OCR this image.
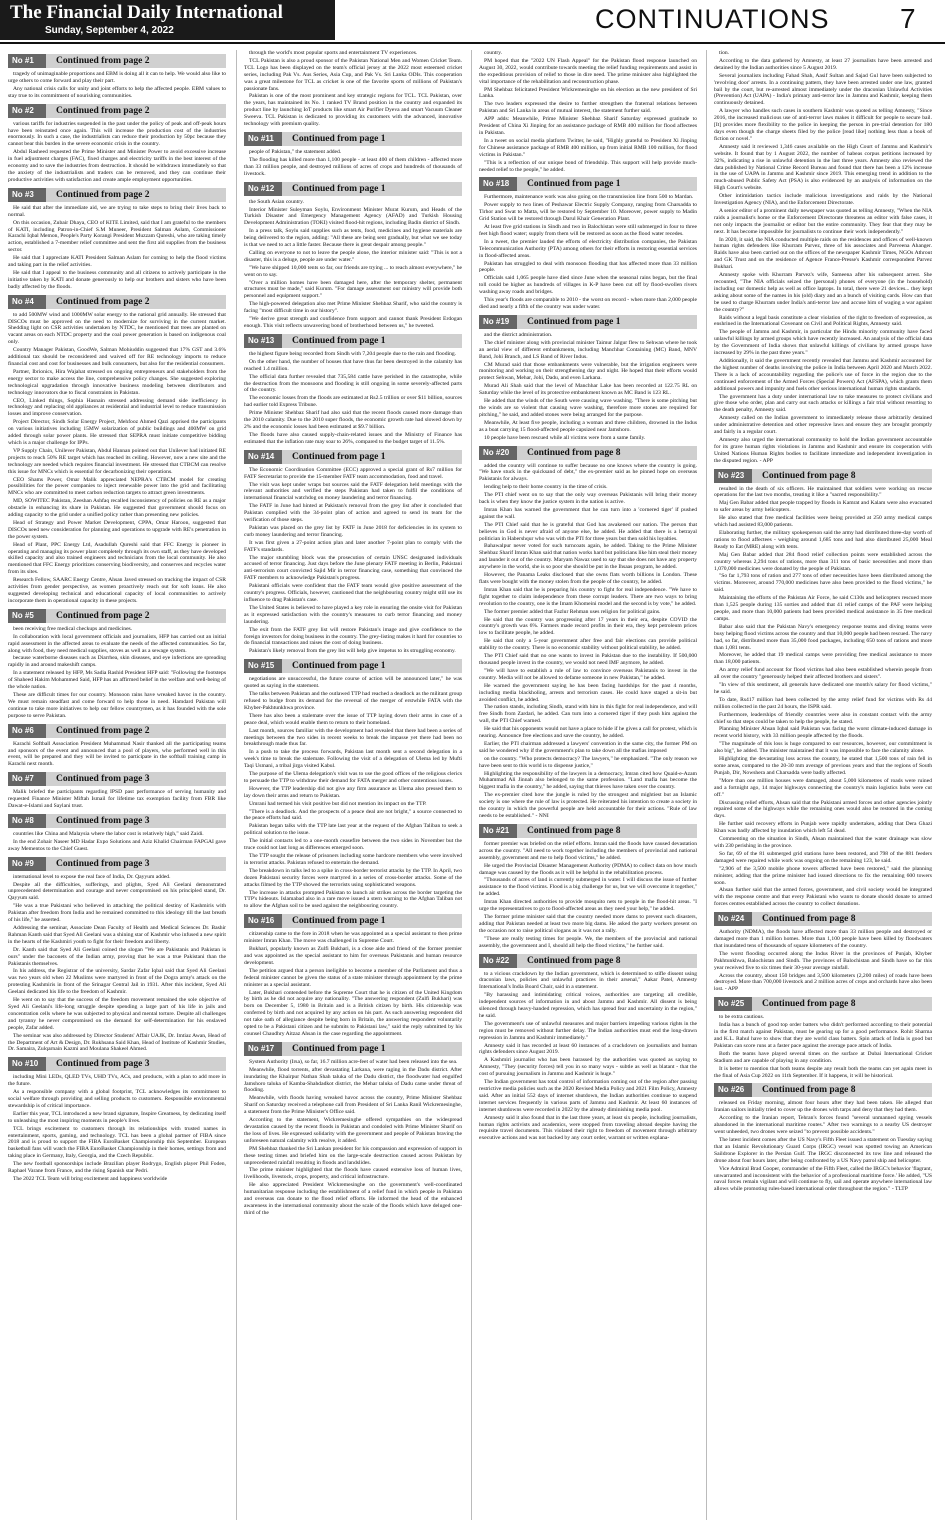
The Financial Daily International
Sunday, September 4, 2022	CONTINUATIONS	7
No #1	Continued from page 2

tragedy of unimaginable proportions and EBM is doing all it can to help. We would also like to urge others to come forward and play their part.

Any national crisis calls for unity and joint efforts to help the affected people. EBM values to stay true to its commitment of nourishing communities.

No #2	Continued from page 2

various tariffs for industries suspended in the past under the policy of peak and off-peak hours have been reinstated once again. This will increase the production cost of the industries enormously. In such a case, the industrialists can reduce their production by 50pc because they cannot bear this burden in the severe economic crisis in the country.

Abdul Rasheed requested the Prime Minister and Minister Power to avoid excessive increase in fuel adjustment charges (FAC), fixed charges and electricity tariffs in the best interest of the economy and to save the industries from destruction. It should be withdrawn immediately so that the anxiety of the industrialists and traders can be removed, and they can continue their productive activities with satisfaction and create ample employment opportunities.

No #3	Continued from page 2

He said that after the immediate aid, we are trying to take steps to bring their lives back to normal.

On this occasion, Zubair Dhaya, CEO of KITE Limited, said that I am grateful to the members of KATI, including Patron-in-Chief S.M Muneer, President Salman Aslam, Commissioner Karachi Iqbal Memon, People's Party Korangi President Muzzam Qureshi, who are taking timely action, established a 7-member relief committee and sent the first aid supplies from the business sector.

He said that I appreciate KATI President Salman Aslam for coming to help the flood victims and taking part in the relief activities.

He said that I appeal to the business community and all citizens to actively participate in the initiative taken by KATI and donate generously to help our brothers and sisters who have been badly affected by the floods.

No #4	Continued from page 2

to add 500MW wind and 1000MW solar energy to the national grid annually. He stressed that DISCOs must be approved on the need to modernize for surviving in the current market. Shedding light on CSR activities undertaken by NTDC, he mentioned that trees are planted on vacant areas on each NTDC property and the coal power generation is based on indigenous coal only.

Country Manager Pakistan, GoodWe, Salman Mohiuddin suggested that 17% GST and 3.6% additional tax should be reconsidered and waived off for RE technology imports to reduce financial cost and cost for businesses and bulk consumers, but also for the residential consumers.

Partner, Ibrionics, Hira Wajahat stressed on ongoing entrepreneurs and stakeholders from the energy sector to make access the line, comprehensive policy changes. She suggested exploring technological upgradation through innovative business modeling between distributors and technology innovators due to fiscal constraints in Pakistan.

CEO, Linked things, Sophia Hasnain stressed addressing demand side inefficiency in technology and replacing old appliances at residential and industrial level to reduce transmission losses and improve conservation.

Project Director, Sindh Solar Energy Project, Mehfooz Ahmed Qazi apprised the participants on various initiatives including 15MW solarization of public buildings and 400MW on grid added through solar power plants. He stressed that SEPRA must initiate competitive bidding which is a major challenge for IPPs.

VP Supply Chain, Unilever Pakistan, Abdul Hannan pointed out that Unilever had initiated RE projects to reach 50% RE target which has reached its ceiling. However, now a new site and the technology are needed which requires financial investment. He stressed that CTBCM can resolve this issue for MNCs which is essential for decarbonizing their operations.

CEO Shams Power, Omar Malik appreciated NEPRA's CTBCM model for creating possibilities for the power companies to inject renewable power into the grid and facilitating MNCs who are committed to meet carbon reduction targets to attract green investments.

MD, SOWITEC Pakistan, Zeeshan Ashfaq recalled inconsistency of policies on RE as a major obstacle in enhancing its share in Pakistan. He suggested that government should focus on adding capacity to the grid under a unified policy rather than presenting new policies.

Head of Strategy and Power Market Development, CPPA, Omar Haroon, suggested that DISCOs need new consideration for planning and operations to upgrade with RE's penetration in the power system.

Head of Plant, PPC Energy Ltd, Asadullah Qureshi said that FFC Energy is pioneer in operating and managing its power plant completely through its own staff, as they have developed skilled capacity and also trained engineers and technicians from the local community. He also mentioned that FFC Energy prioritizes conserving biodiversity, and conserves and recycles water from its sites.

Research Fellow, SAARC Energy Centre, Ahsan Javed stressed on tracking the impact of CSR activities from gender perspective, as women proactively reach out for soft loans. He also suggested developing technical and educational capacity of local communities to actively incorporate them in operational capacity in these projects.

No #5	Continued from page 2

been receiving free medical checkups and medicines.

In collaboration with local government officials and journalists, HFP has carried out an initial rapid assessment in the affected areas to evaluate the needs of the affected communities. So far, along with food, they need medical supplies, stoves as well as a sewage system.

because waterborne diseases such as Diarrhea, skin diseases, and eye infections are spreading rapidly in and around makeshift camps.

In a statement released by HFP, Ms Sadia Rashid President HFP said: "Following the footsteps of Shaheed Hakim Mohammed Said, HFP has an affirmed belief in the welfare and well-being of the whole nation.

These are difficult times for our country. Monsoon rains have wreaked havoc in the country. We must remain steadfast and come forward to help those in need. Hamdard Pakistan will continue to take more initiatives to help our fellow countrymen, as it has founded with the sole purpose to serve Pakistan.

No #6	Continued from page 2

Karachi Softball Association President Muhammad Nasir thanked all the participating teams and sponsors of the event and announced that a pool of players, who performed well in this event, will be prepared and they will be invited to participate in the softball training camp in Karachi next month.

No #7	Continued from page 3

Malik briefed the participants regarding IPSD past performance of serving humanity and requested Finance Minister Miftah Ismail for lifetime tax exemption facility from FBR like Dawat-e-Islami and Saylani trust.

No #8	Continued from page 3

countries like China and Malaysia where the labor cost is relatively high," said Zaidi.

In the end Zohair Naseer MD Hadar Expo Solutions and Aziz Khalid Chairman FAPGAI gave away Mementos to the Chief Guest.

No #9	Continued from page 3

international level to expose the real face of India, Dr. Qayyum added.

Despite all the difficulties, sufferings, and plights, Syed Ali Geelani demonstrated unprecedented determination and courage and never compromised on his principled stand, Dr. Qayyum said.

"He was a true Pakistani who believed in attaching the political destiny of Kashmiris with Pakistan after freedom from India and he remained committed to this ideology till the last breath of his life," he asserted.

Addressing the seminar, Associate Dean Faculty of Health and Medical Sciences Dr. Bashir Rahman Kanth said that Syed Ali Geelani was a shining star of Kashmir who infused a new spirit in the hearts of the Kashmiri youth to fight for their freedom and liberty.

Dr. Kanth said that Syed Ali Geelani coined the slogan "We are Pakistanis and Pakistan is ours" under the baconets of the Indian army, proving that he was a true Pakistani than the Pakistanis themselves.

In his address, the Registrar of the university, Sardar Zafar Iqbal said that Syed Ali Geelani was two years old when 22 Muslims were martyred in front of the Dogra army's attack on the protesting Kashmiris in front of the Srinagar Central Jail in 1931. After this incident, Syed Ali Geelani dedicated his life to the freedom of Kashmir.

He went on to say that the success of the freedom movement remained the sole objective of Syed Ali Geelani's life-long struggle despite spending a large part of his life in jails and concentration cells where he was subjected to physical and mental torture. Despite all challenges and tyranny he never compromised on the demand for self-determination for his enslaved people, Zafar added.

The seminar was also addressed by Director Students' Affair UAJK, Dr. Imtiaz Awan, Head of the Department of Art & Design, Dr. Rukhsana Said Khan, Head of Institute of Kashmir Studies, Dr. Samaira, Zulqarnain Kazmi and Moulana Shakeel Ahmed.

No #10	Continued from page 3

including Mini LEDs, QLED TVs, UHD TVs, ACs, and products, with a plan to add more in the future.

As a responsible company with a global footprint, TCL acknowledges its commitment to social welfare through providing and selling products to customers. Responsible environmental stewardship is of critical importance.

Earlier this year, TCL introduced a new brand signature, Inspire Greatness, by dedicating itself to unleashing the most inspiring moments in people's lives.

TCL brings excitement to customers through its relationships with trusted names in entertainment, sports, gaming, and technology. TCL has been a global partner of FIBA since 2018 and is proud to support the FIBA EuroBasket Championship this September. European basketball fans will watch the FIBA EuroBasket Championship in their homes, settings from and taking place in Germany, Italy, Georgia, and the Czech Republic.

The new football sponsorships include Brazilian player Rodrygo, English player Phil Foden, Raphael Varane from France, and the rising Spanish star Pedri.

The 2022 TCL Team will bring excitement and happiness worldwide

through the world's most popular sports and entertainment TV experiences.

TCL Pakistan is also a proud sponsor of the Pakistan National Men and Women Cricket Team. TCL Logo has been displayed on the team's official jersey at the 2022 most esteemed cricket series, including Pak Vs. Aus Series, Asia Cup, and Pak Vs. Sri Lanka ODIs. This cooperation was a great milestone for TCL as cricket is one of the favorite sports of millions of Pakistan's passionate fans.

Pakistan is one of the most prominent and key strategic regions for TCL. TCL Pakistan, over the years, has maintained its No. 1 ranked TV Brand position in the country and expanded its product line by launching IoT products like smart Air Purifier Dyeva and smart Vacuum Cleaner Sweeva. TCL Pakistan is dedicated to providing its customers with the advanced, innovative technology with premium quality.

No #11	Continued from page 1

people of Pakistan," the statement added.

The flooding has killed more than 1,100 people - at least 400 of them children - affected more than 33 million people, and destroyed millions of acres of crops and hundreds of thousands of livestock.

No #12	Continued from page 1

the South Asian country.

Interior Minister Suleyman Soylu, Environment Minister Murat Kurum, and Heads of the Turkish Disaster and Emergency Management Agency (AFAD) and Turkish Housing Development Administration (TOKI) visited flood-hit regions, including Badin district of Sindh.

In a press talk, Soylu said supplies such as tents, food, medicines and hygiene materials are being delivered to the region, adding: "All these are being sent gradually, but what we see today is that we need to act a little faster. Because there is great despair among people."

Calling on everyone to not to leave the people alone, the interior minister said: "This is not a disaster, this is a deluge, people are under water."

"We have shipped 10,000 tents so far, our friends are trying ... to reach almost everywhere," he went on to say.

"Over a million homes have been damaged here, after the temporary shelter, permanent structures must be made," said Kurum. "For damage assessment our ministry will provide both personnel and equipment support."

The high-powered delegation also met Prime Minister Shehbaz Sharif, who said the country is facing "most difficult time in our history".

"We derive great strength and confidence from support and cannot thank President Erdogan enough. This visit reflects unwavering bond of brotherhood between us," he tweeted.

No #13	Continued from page 1

the highest figure being recorded from Sindh with 7,204 people due to the rain and flooding.

On the other hand, the number of houses that have thus far been destroyed in the calamity has reached 1.4 million.

The official data further revealed that 735,584 cattle have perished in the catastrophe, while the destruction from the monsoons and flooding is still ongoing in some severely-affected parts of the country.

The economic losses from the floods are estimated at Rs2.5 trillion or over $11 billion, sources had earlier told Express Tribune.

Prime Minister Shehbaz Sharif had also said that the recent floods caused more damage than the 2010 calamity. Due to the 2010 super floods, the economic growth rate had slowed down by 2% and the economic losses had been estimated at $9.7 billion.

The floods have also caused supply-chain-related issues and the Ministry of Finance has estimated that the inflation rate may soar to 26%, compared to the budget target of 11.5%.

No #14	Continued from page 1

The Economic Coordination Committee (ECC) approved a special grant of Rs7 million for FATF Secretariat to provide the 15-member FATF team accommodation, food and travel.

The visit was kept under wraps but sources said the FATF delegation held meetings with the relevant authorities and verified the steps Pakistan had taken to fulfil the conditions of international financial watchdog on money laundering and terror financing.

The FATF in June had hinted at Pakistan's removal from the grey list after it concluded that Pakistan complied with the 34-point plan of action and agreed to send its team for the verification of those steps.

Pakistan was placed on the grey list by FATF in June 2018 for deficiencies in its system to curb money laundering and terror financing.

It was first given a 27-point action plan and later another 7-point plan to comply with the FATF's standards.

The major stumbling block was the prosecution of certain UNSC designated individuals accused of terror financing. Just days before the June plenary FATF meeting in Berlin, Pakistani anti-terrorism court convicted Sajid Mir in terror financing case, something that convinced the FATF members to acknowledge Pakistan's progress.

Pakistani officials were confident that the FATF team would give positive assessment of the country's progress. Officials, however, cautioned that the neighbouring country might still use its influence to drag Pakistan's case.

The United States is believed to have played a key role in ensuring the onsite visit for Pakistan as it expressed satisfaction with the country's measures to curb terror financing and money laundering.

The exit from the FATF grey list will restore Pakistan's image and give confidence to the foreign investors for doing business in the country. The grey-listing makes it hard for countries to do financial transactions and raises the cost of doing business.

Pakistan's likely removal from the grey list will help give impetus to its struggling economy.

No #15	Continued from page 1

negotiations are unsuccessful, the future course of action will be announced later," he was quoted as saying in the statement.

The talks between Pakistan and the outlawed TTP had reached a deadlock as the militant group refused to budge from its demand for the reversal of the merger of erstwhile FATA with the Khyber-Pakhtunkhwa province.

There has also been a stalemate over the issue of TTP laying down their arms in case of a peace deal, which would enable them to return to their homeland.

Last month, sources familiar with the development had revealed that there had been a series of meetings between the two sides in recent weeks to break the impasse yet there had been no breakthrough made thus far.

In a push to take the process forwards, Pakistan last month sent a second delegation in a week's time to break the stalemate. Following the visit of a delegation of Ulema led by Mufti Taqi Usmani, a tribal jirga visited Kabul.

The purpose of the Ulema delegation's visit was to use the good offices of the religious clerics to persuade the TTP to withdraw their demand for FATA merger and other contentious issues.

However, the TTP leadership did not give any firm assurance as Ulema also pressed them to lay down their arms and return to Pakistan.

Umrani had termed his visit positive but did not mention its impact on the TTP.

"There is a deadlock. And the prospects of a peace deal are not bright," a source connected to the peace efforts had said.

Pakistan began talks with the TTP late last year at the request of the Afghan Taliban to seek a political solution to the issue.

The initial contacts led to a one-month ceasefire between the two sides in November but the truce could not last long as differences emerged soon.

The TTP sought the release of prisoners including some hardcore members who were involved in terrorist attacks. Pakistan refused to entertain the demand.

The breakdown in talks led to a spike in cross-border terrorist attacks by the TTP. In April, two dozen Pakistani security forces were martyred in a series of cross-border attacks. Some of the attacks filmed by the TTP showed the terrorists using sophisticated weapons.

The increase in attacks prompted Pakistan to launch air strikes across the border targeting the TTP's hideouts. Islamabad also in a rare move issued a stern warning to the Afghan Taliban not to allow the Afghan soil to be used against the neighbouring country.

No #16	Continued from page 1

citizenship came to the fore in 2018 when he was appointed as a special assistant to then prime minister Imran Khan. The move was challenged in Supreme Court.

Bukhari, popularly known as Zulfi Bukhari, is a close aide and friend of the former premier and was appointed as the special assistant to him for overseas Pakistanis and human resource development.

The petition argued that a person ineligible to become a member of the Parliament and thus a federal minister cannot be given the status of a state minister through appointment by the prime minister as a special assistant.

Later, Bukhari contended before the Supreme Court that he is citizen of the United Kingdom by birth as he did not acquire any nationality. "The answering respondent (Zulfi Bukhari) was born on December 5, 1980 in Britain and is a British citizen by birth. His citizenship was conferred by birth and not acquired by any action on his part. As such answering respondent did not take oath of allegiance despite being born in Britain, the answering respondent voluntarily opted to be a Pakistani citizen and he submits to Pakistani law," said the reply submitted by his counsel Chaudhry Aitzaz Ahsan in the case regarding the appointment.

No #17	Continued from page 1

System Authority (Irsa), so far, 16.7 million acre-feet of water had been released into the sea.

Meanwhile, flood torrents, after devastating Larkana, were raging in the Dadu district. After inundating the Khairpur Nathan Shah taluka of the Dadu district, the floodwater had engulfed Jamshoro taluka of Kamba-Shahdadkot district, the Mehar taluka of Dadu came under threat of flooding.

Meanwhile, with floods having wreaked havoc across the country, Prime Minister Shehbaz Sharif on Saturday received a telephone call from President of Sri Lanka Ranil Wickremesinghe, a statement from the Prime Minister's Office said.

According to the statement, Wickremesinghe offered sympathies on the widespread devastation caused by the recent floods in Pakistan and condoled with Prime Minister Sharif on the loss of lives. He expressed solidarity with the government and people of Pakistan braving the unforeseen natural calamity with resolve, it added.

PM Shehbaz thanked the Sri Lankan president for his compassion and expression of support in these testing times and briefed him on the large-scale destruction caused across Pakistan by unprecedented rainfall resulting in floods and landslides.

The prime minister highlighted that the floods have caused extensive loss of human lives, livelihoods, livestock, crops, property, and critical infrastructure.

He also appreciated President Wickremesinghe on the government's well-coordinated humanitarian response including the establishment of a relief fund in which people in Pakistan and overseas can donate to the flood relief efforts. He informed the head of the enhanced awareness in the international community about the scale of the floods which have deluged one-third of the

country.

PM hoped that the "2022 UN Flash Appeal" for the Pakistan flood response launched on August 30, 2022, would contribute towards meeting the relief funding requirements and assist in the expeditious provision of relief to those in dire need. The prime minister also highlighted the vital importance of the rehabilitation and reconstruction phase.

PM Shehbaz felicitated President Wickremesinghe on his election as the new president of Sri Lanka.

The two leaders expressed the desire to further strengthen the fraternal relations between Pakistan and Sri Lanka in areas of mutual interest, the statement further said.

APP adds: Meanwhile, Prime Minister Shehbaz Sharif Saturday expressed gratitude to President of China Xi Jinping for an assistance package of RMB 400 million for flood affectees in Pakistan.

In a tweet on social media platform Twitter, he said, "Highly grateful to President Xi Jinping for Chinese assistance package of RMB 400 million, up from initial RMB 100 million, for flood victims in Pakistan."

"This is a reflection of our unique bond of friendship. This support will help provide much-needed relief to the people," he added.

No #18	Continued from page 1

Furthermore, maintenance work was also going on the transmission line from 500 to Mardan.

Power supply to two lines of Peshawar Electric Supply Company, ranging from Charsadda to Tirhor and Swat to Matta, will be restored by September 10. Moreover, power supply to Madin Grid Station will be restored through Darul Khair Generation Plant.

At least five grid stations in Sindh and two in Balochistan were still submerged in four to three feet high flood water; supply from them will be restored as soon as the flood water recedes.

In a tweet, the premier lauded the efforts of electricity distribution companies, the Pakistan Telecommunication Authority (PTA) among others for their efforts in restoring essential services in flood-affected areas.

Pakistan has struggled to deal with monsoon flooding that has affected more than 33 million people.

Officials said 1,065 people have died since June when the seasonal rains began, but the final toll could be higher as hundreds of villages in K-P have been cut off by flood-swollen rivers washing away roads and bridges.

This year's floods are comparable to 2010 - the worst on record - when more than 2,000 people died and nearly a fifth of the country was under water.

No #19	Continued from page 1

and the district administration.

The chief minister along with provincial minister Taimur Jalgur flew to Sehwan where he took an aerial view of different embankments, including Manchhar Containing (MC) Band, MNV Band, Johi Branch, and LS Band of River Indus.

CM Murad said that those embankments were vulnerable, but the irrigation engineers were monitoring and working on their strengthening day and night. He hoped that their efforts would protect Sehwan, Mehar, Johi, Dadu, and even Larkana.

Murad Ali Shah said that the level of Manchhar Lake has been recorded at 122.75 RL on Saturday while the level of its protective embankment known as MC Band is 123 RL.

He added that the winds of the South were causing wave washing. "There is some pitching but the winds are so violent that causing wave washing, therefore more stones are required for pitching," he said, and added stones were being arranged for the purpose.

Meanwhile, At least five people, including a woman and three children, drowned in the Indus as a boat carrying 15 flood-affected people capsized near Jamshoro.

10 people have been rescued while all victims were from a same family.

No #20	Continued from page 8

added the country will continue to suffer because no one knows where the country is going. "We have stuck in the quicksand of debt," the ex-premier said as he pinned hope on overseas Pakistanis for always.

lending help to their home country in the time of crisis.

The PTI chief went on to say that the only way overseas Pakistanis will bring their money back is when they know the justice system in the nation is active.

Imran Khan has warned the government that he can turn into a 'cornered tiger' if pushed against the wall.

The PTI Chief said that he is grateful that God has awakened our nation. The person that believes in God is never afraid of anyone else, he added. He added that there is a betrayal politician in Habershqur who was with the PTI for three years but then sold his loyalties.

Bahawalpur never voted for such turncoats again, he added. Taking to the Prime Minister Shehbaz Sharif Imran Khan said that nation works hard but politicians like him steal their money and launder it out of the country. Maryam Nawaz used to say that she does not have any property anywhere in the world, she is so poor she should be put in the Ihsaas program, he added.

However, the Panama Leaks disclosed that she owns flats worth billions in London. These flats were bought with the money stolen from the people of the country, he added.

Imran Khan said that he is preparing his country to fight for real independence. "We have to fight together to claim independence from these corrupt leaders. There are two ways to bring revolution to the country, one is the Imam Khomeini model and the second is by vote," he added.

The former premier added that Fazlur Rehman uses religion for political gains.

He said that the country was progressing after 17 years in their era, despite COVID the country's growth was 6%. Farmers made record profits in their era, they kept petroleum prices low to facilitate people, he added.

He said that only a 5-year government after free and fair elections can provide political stability to the country. There is no economic stability without political stability, he added.

The PTI Chief said that no one wants to invest in Pakistan due to the instability. If 500,000 thousand people invest in the country, we would not need IMF anymore, he added.

"We will have to establish a rule of law to convince overseas Pakistanis to invest in the country. Media will not be allowed to defame someone in new Pakistan," he added.

He warned the government saying he has been facing hardships for the past 4 months, including media blackholing, arrests and terrorism cases. He could have staged a sit-in but avoided conflict, he added.

The nation stands, including Sindh, stand with him in this fight for real independence, and will free Sindh from Zardari, he added. Can turn into a cornered tiger if they push him against the wall, the PTI Chief warned.

He said that his opponents would not have a place to hide if he gives a call for protest, which is nearing. Announce free elections and save the country, he added.

Earlier, the PTI chairman addressed a lawyers' convention in the same city, the former PM on said he wondered why if the government's plan to take down all the mafias imposed

on the country. "Who protects democracy? The lawyers," he emphasized. "The only reason we have been sent to this world is to dispense justice,"

Highlighting the responsibility of the lawyers in a democracy, Imran cited how Quaid-e-Azam Muhammad Ali Jinnah also belonged to the same profession. "Land mafia has become the biggest mafia in the country," he added, saying that thieves have taken over the country.

The ex-premier cited how the jungle is ruled by the strongest and mightiest but an Islamic society is one where the rule of law is protected. He reiterated his intention to create a society in the country in which the powerful people are held accountable for their actions. "Rule of law needs to be established." - NNI

No #21	Continued from page 8

former premier was briefed on the relief efforts. Imran said the floods have caused devastation across the country. "All need to work together including the members of provincial and national assembly, government and me to help flood victims," he added.

He urged the Provincial Disaster Management Authority (PDMA) to collect data on how much damage was caused by the floods as it will be helpful in the rehabilitation process.

"Thousands of acres of land is currently submerged in water. I will discuss the issue of further assistance to the flood victims. Flood is a big challenge for us, but we will overcome it together," he added.

Imran Khan directed authorities to provide mosquito nets to people in the flood-hit areas. "I urge the representatives to go to flood-affected areas as they need your help," he added.

The former prime minister said that the country needed more dams to prevent such disasters, adding that Pakistan needed at least two more big dams. He asked the party workers present on the occasion not to raise political slogans as it was not a rally.

"These are really testing times for people. We, the members of the provincial and national assembly, the government and I, should all help the flood victims," he further said.

No #22	Continued from page 8

to a vicious crackdown by the Indian government, which is determined to stifle dissent using draconian laws, policies and unlawful practices in their arsenal," Aakar Patel, Amnesty International's India Board Chair, said in a statement.

"By harassing and intimidating critical voices, authorities are targeting all credible, independent sources of information in and about Jammu and Kashmir. All dissent is being silenced through heavy-handed repression, which has spread fear and uncertainty in the region," he said.

The government's use of unlawful measures and major barriers impeding various rights in the region must be removed without further delay. The Indian authorities must end the long-drawn repression in Jammu and Kashmir immediately."

Amnesty said it has recorded at least 60 instances of a crackdown on journalists and human rights defenders since August 2019.

A Kashmiri journalist who has been harassed by the authorities was quoted as saying to Amnesty, "They (security forces) tell you in so many ways - subtle as well as blatant - that the cost of pursuing journalism in Jammu and Kashmir is huge."

The Indian government has total control of information coming out of the region after passing restrictive media policies such as the 2020 Revised Media Policy and 2021 Film Policy, Amnesty said. After an initial 552 days of internet shutdown, the Indian authorities continue to suspend internet services frequently in various parts of Jammu and Kashmir. At least 60 instances of internet shutdowns were recorded in 2022 by the already diminishing media pool.

Amnesty said it also found that in the last three years, at least six people, including journalists, human rights activists and academics, were stopped from traveling abroad despite having the requisite travel documents. This violated their right to freedom of movement through arbitrary executive actions and was not backed by any court order, warrant or written explana-

tion.

According to the data gathered by Amnesty, at least 27 journalists have been arrested and detained by the Indian authorities since 5 August 2019.

Several journalists including Fahad Shah, Aasif Sultan and Sajad Gul have been subjected to 'revolving door' arrests. In a continuing pattern, they have been arrested under one law, granted bail by the court, but re-arrested almost immediately under the draconian Unlawful Activities (Prevention) Act (UAPA) - India's primary anti-terror law in Jammu and Kashmir, keeping them continuously detained.

A lawyer who handles such cases in southern Kashmir was quoted as telling Amnesty, "Since 2016, the increased malicious use of anti-terror laws makes it difficult for people to secure bail. [It] provides more flexibility to the police in keeping the person in pre-trial detention for 180 days even though the charge sheets filed by the police [read like] nothing less than a book of fiction or novel."

Amnesty said it reviewed 1,346 cases available on the High Court of Jammu and Kashmir's website. It found that by 1 August 2022, the number of habeas corpus petitions increased by 32%, indicating a rise in unlawful detention in the last three years. Amnesty also reviewed the data published by National Crime Record Bureau and found that there has been a 12% increase in the use of UAPA in Jammu and Kashmir since 2019. This emerging trend in addition to the much-abused Public Safety Act (PSA) is also evidenced by an analysis of information on the High Court's website.

Other intimidation tactics include malicious investigations and raids by the National Investigation Agency (NIA), and the Enforcement Directorate.

A senior editor of a prominent daily newspaper was quoted as telling Amnesty, "When the NIA raids a journalist's home or the Enforcement Directorate threatens an editor with false cases, it not only impacts the journalist or editor but the entire community. They fear that they may be next. It has become impossible for journalists to continue their work independently."

In 2020, it said, the NIA conducted multiple raids on the residences and offices of well-known human rights defenders like Khurram Parvez, three of his associates and Parveena Ahanger. Raids have also been carried out on the offices of the newspaper Kashmir Times, NGOs Athrout and GK Trust and on the residence of Agence France-Presse's Kashmir correspondent Parvez Bukhari.

Amnesty spoke with Khurram Parvez's wife, Sameena after his subsequent arrest. She recounted, "The NIA officials seized the (personal) phones of everyone (in the household) including our domestic help as well as office laptops. In total, there were 21 devices... they kept asking about some of the names in his (old) diary and an a bunch of visiting cards. How can that be used to charge Khurram under India's anti-terror law and accuse him of waging a war against the country?"

Raids without a legal basis constitute a clear violation of the right to freedom of expression, as enshrined in the International Covenant on Civil and Political Rights, Amnesty said.

The people of Jammu and Kashmir, in particular the Hindu minority community have faced unlawful killings by armed groups which have recently increased. An analysis of the official data by the Government of India shows that unlawful killings of civilians by armed groups have increased by 29% in the past three years."

Additionally, it said the government recently revealed that Jammu and Kashmir accounted for the highest number of deaths involving the police in India between April 2020 and March 2022. There is a lack of accountability regarding the police's use of force in the region due to the continued enforcement of the Armed Forces (Special Powers) Act (AFSPA), which grants them additional powers and impunity and fuels other serious international human rights standards.

The government has a duty under international law to take measures to protect civilians and give those who order, plan and carry out such attacks or killings a fair trial without resorting to the death penalty, Amnesty said.

Amnesty called on the Indian government to immediately release those arbitrarily detained under administrative detention and other repressive laws and ensure they are brought promptly and fairly in a regular court.

Amnesty also urged the international community to hold the Indian government accountable for its grave human rights violations in Jammu and Kashmir and ensure its cooperation with United Nations Human Rights bodies to facilitate immediate and independent investigation in the disputed region. - APP

No #23	Continued from page 8

resulted in the death of six officers. He maintained that soldiers were working on rescue operations for the last two months, treating it like a "sacred responsibility."

Maj Gen Babar added that people trapped by floods in Kamrat and Kalam were also evacuated to safer areas by army helicopters.

He also stated that free medical facilities were being provided at 250 army medical camps which had assisted 83,000 patients.

Elaborating further, the military spokesperson said the army had distributed three-day worth of rations to flood affectees - weighing around 1,685 tons and had also distributed 25,000 Meal Ready to Eat (MRE) along with tents.

Maj Gen Babar added that 284 flood relief collection points were established across the country whereas 2,294 tons of rations, more than 311 tons of basic necessities and more than 1,070,000 medicines were donated by the people of Pakistan.

"So far 1,793 tons of ration and 277 tons of other necessities have been distributed among the victims. Moreover, around 770,000 medicines have also been provided to the flood victims," he said.

Maintaining the efforts of the Pakistan Air Force, he said C130s and helicopters rescued more than 1,525 people during 135 sorties and added that 41 relief camps of the PAF were helping people, and more than 10,000 patients had been provided medical assistance in 35 free medical camps.

Babar also said that the Pakistan Navy's emergency response teams and diving teams were busy helping flood victims across the country and that 10,000 people had been rescued. The navy had, so far, distributed more than 35,000 food packages, including 650 tons of rations and more than 1,081 tents.

Moreover, he added that 19 medical camps were providing free medical assistance to more than 18,000 patients.

An army relief fund account for flood victims had also been established wherein people from all over the country "generously helped their affected brothers and sisters".

"In view of this sentiment, all generals have dedicated one month's salary for flood victims," he said.

To date, Rs417 million had been collected by the army relief fund for victims with Rs 44 million collected in the past 24 hours, the ISPR said.

Furthermore, leaderships of friendly countries were also in constant contact with the army chief so that steps could be taken to help the people, he stated.

Planning Minister Ahsan Iqbal said Pakistan was facing the worst climate-induced damage in recent world history, with 33 million people affected by the floods.

"The magnitude of this loss is huge compared to our resources, however, our commitment is also big", he added. The minister maintained that it was impossible to face the calamity alone.

Highlighting the devastating loss across the country, he stated that 1,500 tons of rain fell in some areas, compared to the 20-30 mm average of previous years and that the regions of South Punjab, Dir, Nowshera and Charsadda were badly affected.

"More than one million houses were damaged, about 5,000 kilometres of roads were ruined and a fortnight ago, 14 major highways connecting the country's main logistics hubs were cut off."

Discussing relief efforts, Ahsan said that the Pakistani armed forces and other agencies jointly repaired some of the highways while the remaining ones would also be restored in the coming days.

He further said recovery efforts in Punjab were rapidly undertaken, adding that Dera Ghazi Khan was badly affected by inundation which left 54 dead.

Commenting on the situation in Sindh, Ahsan maintained that the water drainage was slow with 230 perishing in the province.

So far, 69 of the 81 submerged grid stations have been restored, and 798 of the 881 feeders damaged were repaired while work was ongoing on the remaining 123, he said.

"2,906 of the 3,500 mobile phone towers affected have been restored," said the planning minister, adding that the prime minister had issued directions to fix the remaining 600 towers soon.

Ahsan further said that the armed forces, government, and civil society would be integrated with the response centre and that every Pakistani who wants to donate should donate to armed forces centres established across the country to collect donations.

No #24	Continued from page 8

Authority (NDMA), the floods have affected more than 33 million people and destroyed or damaged more than 1 million homes. More than 1,100 people have been killed by floodwaters that inundated tens of thousands of square kilometers of the country.

The worst flooding occurred along the Indus River in the provinces of Punjab, Khyber Pakhtunkhwa, Balochistan and Sindh. The provinces of Balochistan and Sindh have so far this year received five to six times their 30-year average rainfall.

Across the country, about 150 bridges and 3,500 kilometers (2,200 miles) of roads have been destroyed. More than 700,000 livestock and 2 million acres of crops and orchards have also been lost. - APP

No #25	Continued from page 8

to be extra cautious.

India has a bunch of good top order batters who didn't performed according to their potential in the first match against Pakistan, must be gearing up for a good performance. Rohit Sharma and K.L. Rahul have to show that they are world class batters. Spin attack of India is good but Pakistan can score runs at a faster pace against the average pace attack of India.

Both the teams have played several times on the surface at Dubai International Cricket Stadium and are capable of playing in any condition.

It is better to mention that both teams despite any result both the teams can yet again meet in the final of Asia Cup 2022 on 11th September. If it happens, it will be historical.

No #26	Continued from page 8

released on Friday morning, almost four hours after they had been taken. He alleged that Iranian sailors initially tried to cover up the drones with tarps and deny that they had them.

According to the Iranian report, Tehran's forces found "several unmanned spying vessels abandoned in the international maritime routes." After two warnings to a nearby US destroyer went unheeded, two drones were seized "to prevent possible accidents."

The latest incident comes after the US Navy's Fifth Fleet issued a statement on Tuesday saying that an Islamic Revolutionary Guard Corps (IRGC) vessel was spotted towing an American Saildrone Explorer in the Persian Gulf. The IRGC disconnected its tow line and released the drone about four hours later, after being confronted by a US Navy patrol ship and helicopter.

Vice Admiral Brad Cooper, commander of the Fifth Fleet, called the IRGC's behavior 'flagrant, unwarranted and inconsistent with the behavior of a professional maritime force.' He added, "US naval forces remain vigilant and will continue to fly, sail and operate anywhere international law allows while promoting rules-based international order throughout the region." - TLTP
